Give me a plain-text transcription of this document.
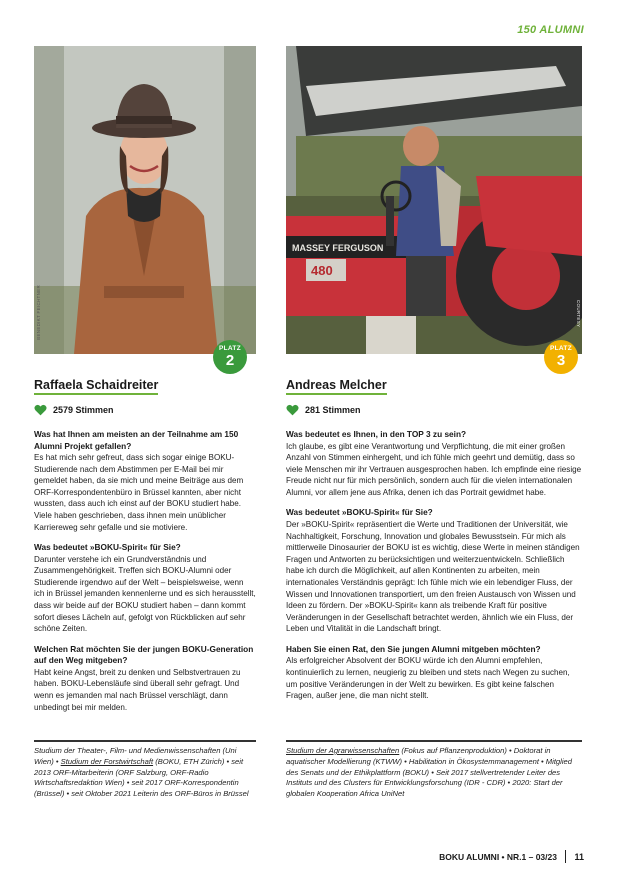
150 ALUMNI
BENEDIKT FEICHTNER
MASSEY FERGUSON
480
COURTESY
PLATZ
2
PLATZ
3
Raffaela Schaidreiter
2579 Stimmen
Was hat Ihnen am meisten an der Teilnahme am 150 Alumni Projekt gefallen?
Es hat mich sehr gefreut, dass sich sogar einige BOKU-Studierende nach dem Abstimmen per E-Mail bei mir gemeldet haben, da sie mich und meine Beiträge aus dem ORF-Korrespondentenbüro in Brüssel kannten, aber nicht wussten, dass auch ich einst auf der BOKU studiert habe. Viele haben geschrieben, dass ihnen mein unüblicher Karriereweg sehr gefalle und sie motiviere.
Was bedeutet »BOKU-Spirit« für Sie?
Darunter verstehe ich ein Grundverständnis und Zusammengehörigkeit. Treffen sich BOKU-Alumni oder Studierende irgendwo auf der Welt – beispielsweise, wenn ich in Brüssel jemanden kennenlerne und es sich herausstellt, dass wir beide auf der BOKU studiert haben – dann kommt sofort dieses Lächeln auf, gefolgt von Rückblicken auf sehr schöne Zeiten.
Welchen Rat möchten Sie der jungen BOKU-Generation auf den Weg mitgeben?
Habt keine Angst, breit zu denken und Selbstvertrauen zu haben. BOKU-Lebensläufe sind überall sehr gefragt. Und wenn es jemanden mal nach Brüssel verschlägt, dann unbedingt bei mir melden.
Andreas Melcher
281 Stimmen
Was bedeutet es Ihnen, in den TOP 3 zu sein?
Ich glaube, es gibt eine Verantwortung und Verpflichtung, die mit einer großen Anzahl von Stimmen einhergeht, und ich fühle mich geehrt und demütig, dass so viele Menschen mir ihr Vertrauen ausgesprochen haben. Ich empfinde eine riesige Freude nicht nur für mich persönlich, sondern auch für die vielen internationalen Alumni, vor allem jene aus Afrika, denen ich das Portrait gewidmet habe.
Was bedeutet »BOKU-Spirit« für Sie?
Der »BOKU-Spirit« repräsentiert die Werte und Traditionen der Universität, wie Nachhaltigkeit, Forschung, Innovation und globales Bewusstsein. Für mich als mittlerweile Dinosaurier der BOKU ist es wichtig, diese Werte in meinen ständigen Fragen und Antworten zu berücksichtigen und weiterzuentwickeln. Schließlich habe ich durch die Möglichkeit, auf allen Kontinenten zu arbeiten, mein internationales Verständnis geprägt: Ich fühle mich wie ein lebendiger Fluss, der Wissen und Innovationen transportiert, um den freien Austausch von Wissen und Ideen zu fördern. Der »BOKU-Spirit« kann als treibende Kraft für positive Veränderungen in der Gesellschaft betrachtet werden, ähnlich wie ein Fluss, der Leben und Vitalität in die Landschaft bringt.
Haben Sie einen Rat, den Sie jungen Alumni mitgeben möchten?
Als erfolgreicher Absolvent der BOKU würde ich den Alumni empfehlen, kontinuierlich zu lernen, neugierig zu bleiben und stets nach Wegen zu suchen, um positive Veränderungen in der Welt zu bewirken. Es gibt keine falschen Fragen, außer jene, die man nicht stellt.
Studium der Theater-, Film- und Medienwissenschaften (Uni Wien) • Studium der Forstwirtschaft (BOKU, ETH Zürich) • seit 2013 ORF-Mitarbeiterin (ORF Salzburg, ORF-Radio Wirtschaftsredaktion Wien) • seit 2017 ORF-Korrespondentin (Brüssel) • seit Oktober 2021 Leiterin des ORF-Büros in Brüssel
Studium der Agrarwissenschaften (Fokus auf Pflanzenproduktion) • Doktorat in aquatischer Modellierung (KTWW) • Habilitation in Ökosystemmanagement • Mitglied des Senats und der Ethikplattform (BOKU) • Seit 2017 stellvertretender Leiter des Instituts und des Clusters für Entwicklungsforschung (IDR - CDR) • 2020: Start der globalen Kooperation Africa UniNet
BOKU ALUMNI • NR.1 – 03/23 11
